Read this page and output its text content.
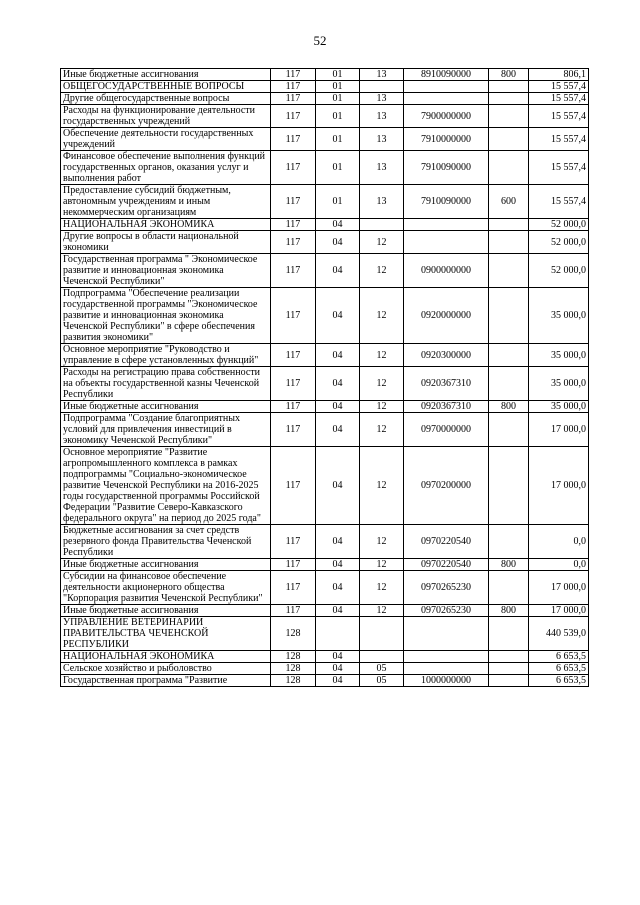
52
Иные бюджетные ассигнования	117	01	13	8910090000	800	806,1
ОБЩЕГОСУДАРСТВЕННЫЕ ВОПРОСЫ	117	01				15 557,4
Другие общегосударственные вопросы	117	01	13			15 557,4
Расходы на функционирование деятельности государственных учреждений	117	01	13	7900000000		15 557,4
Обеспечение деятельности государственных учреждений	117	01	13	7910000000		15 557,4
Финансовое обеспечение выполнения функций государственных органов, оказания услуг и выполнения работ	117	01	13	7910090000		15 557,4
Предоставление субсидий бюджетным, автономным учреждениям и иным некоммерческим организациям	117	01	13	7910090000	600	15 557,4
НАЦИОНАЛЬНАЯ ЭКОНОМИКА	117	04				52 000,0
Другие вопросы в области национальной экономики	117	04	12			52 000,0
Государственная программа " Экономическое развитие и инновационная экономика Чеченской Республики"	117	04	12	0900000000		52 000,0
Подпрограмма "Обеспечение реализации государственной программы "Экономическое развитие и инновационная экономика Чеченской Республики" в сфере обеспечения развития экономики"	117	04	12	0920000000		35 000,0
Основное мероприятие "Руководство и управление в сфере установленных функций"	117	04	12	0920300000		35 000,0
Расходы на регистрацию права собственности на объекты государственной казны Чеченской Республики	117	04	12	0920367310		35 000,0
Иные бюджетные ассигнования	117	04	12	0920367310	800	35 000,0
Подпрограмма "Создание благоприятных условий для привлечения инвестиций в экономику Чеченской Республики"	117	04	12	0970000000		17 000,0
Основное мероприятие "Развитие агропромышленного комплекса в рамках подпрограммы "Социально-экономическое развитие Чеченской Республики на 2016-2025 годы государственной программы Российской Федерации "Развитие Северо-Кавказского федерального округа" на период до 2025 года"	117	04	12	0970200000		17 000,0
Бюджетные ассигнования за счет средств резервного фонда Правительства Чеченской Республики	117	04	12	0970220540		0,0
Иные бюджетные ассигнования	117	04	12	0970220540	800	0,0
Субсидии на финансовое обеспечение деятельности акционерного общества "Корпорация развития Чеченской Республики"	117	04	12	0970265230		17 000,0
Иные бюджетные ассигнования	117	04	12	0970265230	800	17 000,0
УПРАВЛЕНИЕ ВЕТЕРИНАРИИ ПРАВИТЕЛЬСТВА ЧЕЧЕНСКОЙ РЕСПУБЛИКИ	128					440 539,0
НАЦИОНАЛЬНАЯ ЭКОНОМИКА	128	04				6 653,5
Сельское хозяйство и рыболовство	128	04	05			6 653,5
Государственная программа "Развитие	128	04	05	1000000000		6 653,5
